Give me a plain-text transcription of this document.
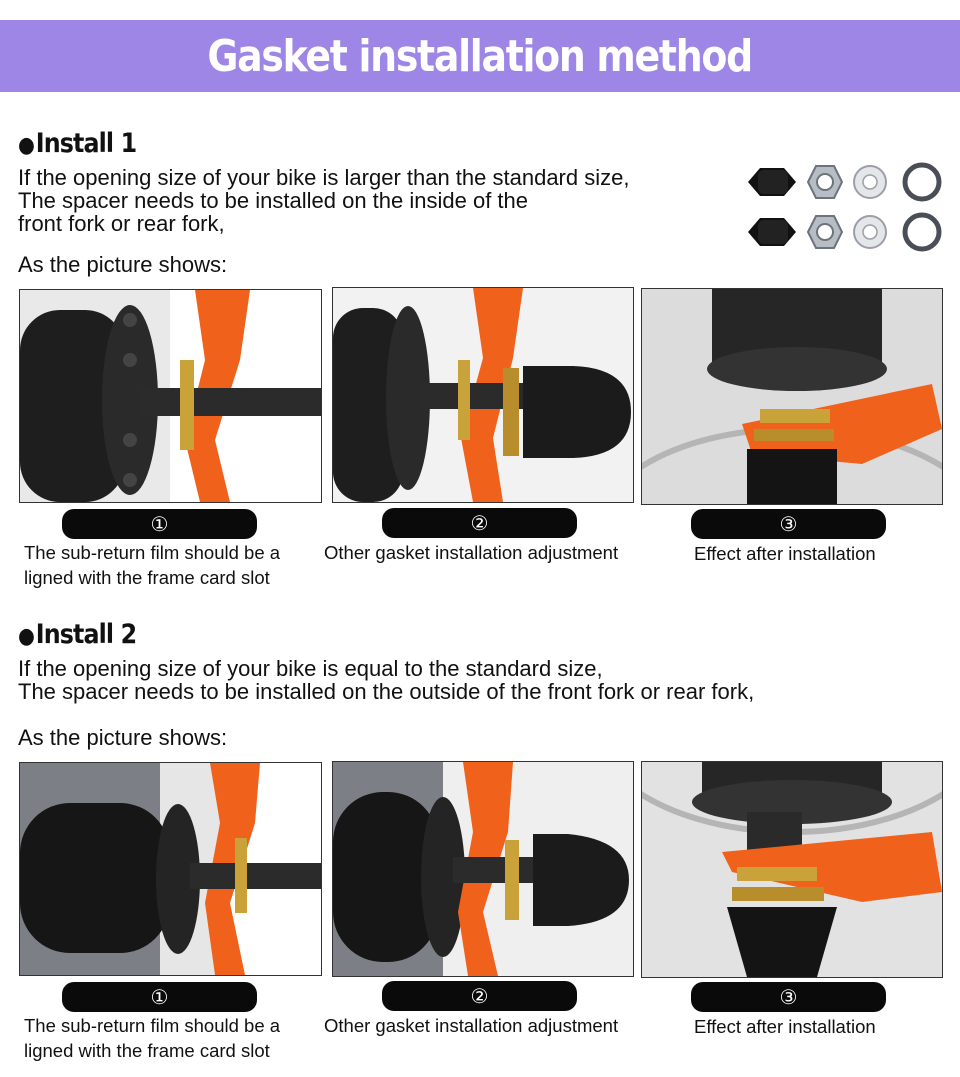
Gasket installation method
●Install 1
If the opening size of your bike is larger than the standard size,
The spacer needs to be installed on the inside of the
front fork or rear fork,
As the picture shows:
①	②	③
The sub-return film should be a
ligned with the frame card slot
Other gasket installation adjustment	Effect after installation
●Install 2
If the opening size of your bike is equal to the standard size,
The spacer needs to be installed on the outside of the front fork or rear fork,
As the picture shows:
①	②	③
The sub-return film should be a
ligned with the frame card slot
Other gasket installation adjustment	Effect after installation
